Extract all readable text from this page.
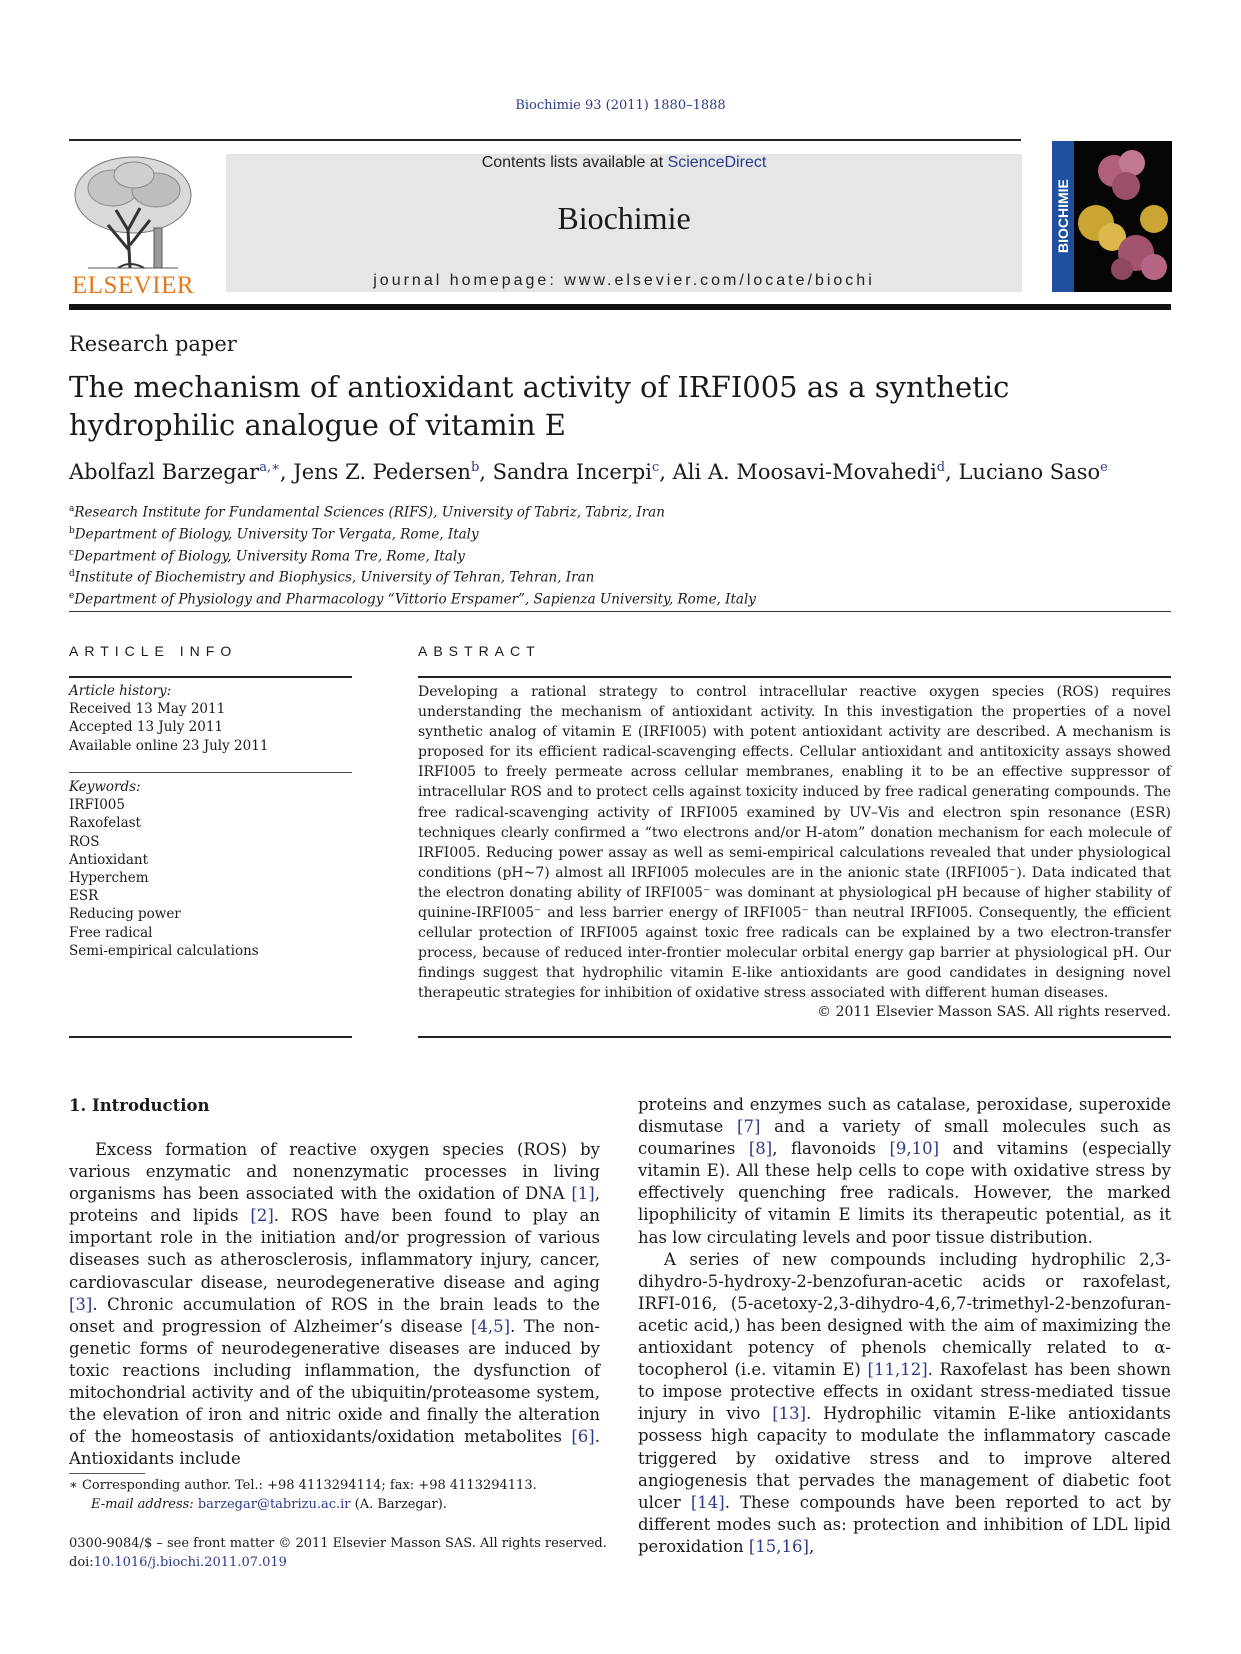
Biochimie 93 (2011) 1880–1888
ELSEVIER
Contents lists available at ScienceDirect
Biochimie
journal homepage: www.elsevier.com/locate/biochi
BIOCHIMIE
Research paper
The mechanism of antioxidant activity of IRFI005 as a synthetic
hydrophilic analogue of vitamin E
Abolfazl Barzegar$^{a,∗}$, Jens Z. Pedersen$^b$, Sandra Incerpi$^c$, Ali A. Moosavi-Movahedi$^d$, Luciano Saso$^e$
$^a$Research Institute for Fundamental Sciences (RIFS), University of Tabriz, Tabriz, Iran
$^b$Department of Biology, University Tor Vergata, Rome, Italy
$^c$Department of Biology, University Roma Tre, Rome, Italy
$^d$Institute of Biochemistry and Biophysics, University of Tehran, Tehran, Iran
$^e$Department of Physiology and Pharmacology “Vittorio Erspamer”, Sapienza University, Rome, Italy
ARTICLE INFO
Article history:
Received 13 May 2011
Accepted 13 July 2011
Available online 23 July 2011
Keywords:
IRFI005
Raxofelast
ROS
Antioxidant
Hyperchem
ESR
Reducing power
Free radical
Semi-empirical calculations
ABSTRACT
Developing a rational strategy to control intracellular reactive oxygen species (ROS) requires understanding the mechanism of antioxidant activity. In this investigation the properties of a novel synthetic analog of vitamin E (IRFI005) with potent antioxidant activity are described. A mechanism is proposed for its efficient radical-scavenging effects. Cellular antioxidant and antitoxicity assays showed IRFI005 to freely permeate across cellular membranes, enabling it to be an effective suppressor of intracellular ROS and to protect cells against toxicity induced by free radical generating compounds. The free radical-scavenging activity of IRFI005 examined by UV–Vis and electron spin resonance (ESR) techniques clearly confirmed a “two electrons and/or H-atom” donation mechanism for each molecule of IRFI005. Reducing power assay as well as semi-empirical calculations revealed that under physiological conditions (pH∼7) almost all IRFI005 molecules are in the anionic state (IRFI005⁻). Data indicated that the electron donating ability of IRFI005⁻ was dominant at physiological pH because of higher stability of quinine-IRFI005⁻ and less barrier energy of IRFI005⁻ than neutral IRFI005. Consequently, the efficient cellular protection of IRFI005 against toxic free radicals can be explained by a two electron-transfer process, because of reduced inter-frontier molecular orbital energy gap barrier at physiological pH. Our findings suggest that hydrophilic vitamin E-like antioxidants are good candidates in designing novel therapeutic strategies for inhibition of oxidative stress associated with different human diseases.
© 2011 Elsevier Masson SAS. All rights reserved.
1. Introduction

Excess formation of reactive oxygen species (ROS) by various enzymatic and nonenzymatic processes in living organisms has been associated with the oxidation of DNA [1], proteins and lipids [2]. ROS have been found to play an important role in the initiation and/or progression of various diseases such as atherosclerosis, inflammatory injury, cancer, cardiovascular disease, neurodegenerative disease and aging [3]. Chronic accumulation of ROS in the brain leads to the onset and progression of Alzheimer’s disease [4,5]. The non-genetic forms of neurodegenerative diseases are induced by toxic reactions including inflammation, the dysfunction of mitochondrial activity and of the ubiquitin/proteasome system, the elevation of iron and nitric oxide and finally the alteration of the homeostasis of antioxidants/oxidation metabolites [6]. Antioxidants include

proteins and enzymes such as catalase, peroxidase, superoxide dismutase [7] and a variety of small molecules such as coumarines [8], flavonoids [9,10] and vitamins (especially vitamin E). All these help cells to cope with oxidative stress by effectively quenching free radicals. However, the marked lipophilicity of vitamin E limits its therapeutic potential, as it has low circulating levels and poor tissue distribution.

A series of new compounds including hydrophilic 2,3-dihydro-5-hydroxy-2-benzofuran-acetic acids or raxofelast, IRFI-016, (5-acetoxy-2,3-dihydro-4,6,7-trimethyl-2-benzofuran-acetic acid,) has been designed with the aim of maximizing the antioxidant potency of phenols chemically related to α-tocopherol (i.e. vitamin E) [11,12]. Raxofelast has been shown to impose protective effects in oxidant stress-mediated tissue injury in vivo [13]. Hydrophilic vitamin E-like antioxidants possess high capacity to modulate the inflammatory cascade triggered by oxidative stress and to improve altered angiogenesis that pervades the management of diabetic foot ulcer [14]. These compounds have been reported to act by different modes such as: protection and inhibition of LDL lipid peroxidation [15,16],

∗ Corresponding author. Tel.: +98 4113294114; fax: +98 4113294113.
E-mail address: barzegar@tabrizu.ac.ir (A. Barzegar).
0300-9084/$ – see front matter © 2011 Elsevier Masson SAS. All rights reserved.
doi:10.1016/j.biochi.2011.07.019
